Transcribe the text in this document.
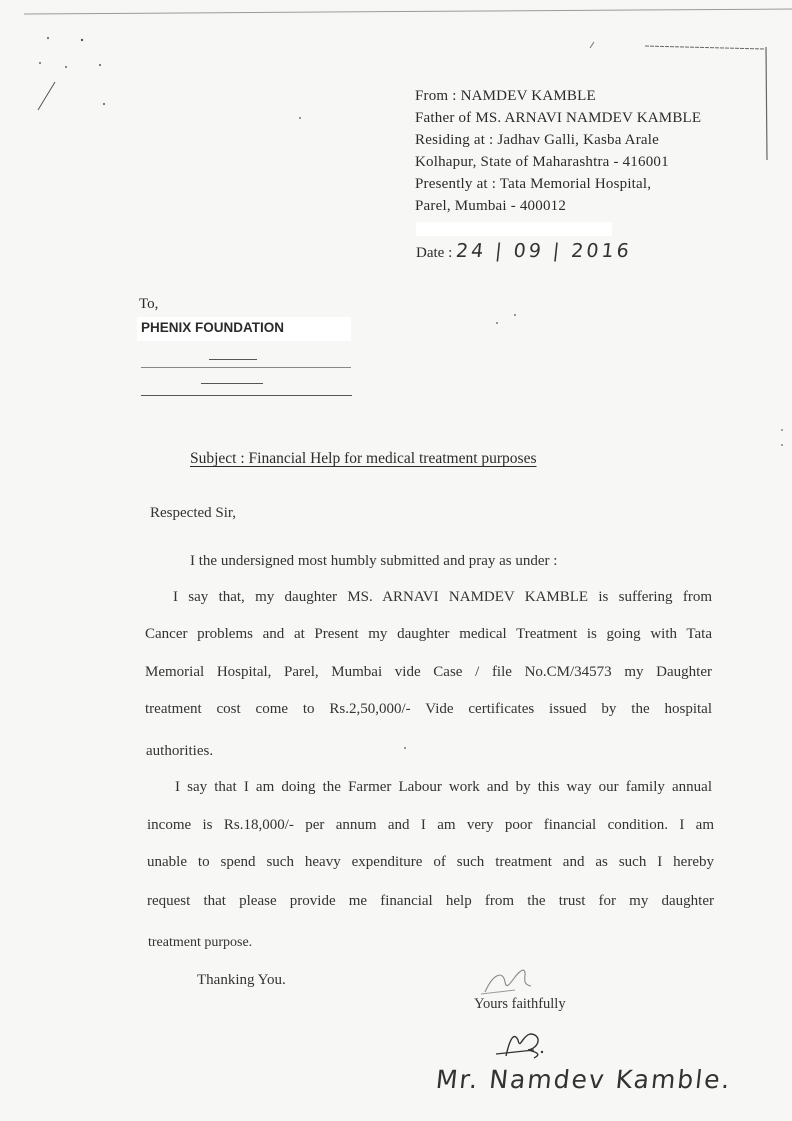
From : NAMDEV KAMBLE
Father of MS. ARNAVI NAMDEV KAMBLE
Residing at : Jadhav Galli, Kasba Arale
Kolhapur, State of Maharashtra - 416001
Presently at : Tata Memorial Hospital,
Parel, Mumbai - 400012
Date : 24 | 09 | 2016
To,
PHENIX FOUNDATION
Subject : Financial Help for medical treatment purposes
Respected Sir,
I the undersigned most humbly submitted and pray as under :
I say that, my daughter MS. ARNAVI NAMDEV KAMBLE is suffering from
Cancer problems and at Present my daughter medical Treatment is going with Tata
Memorial Hospital, Parel, Mumbai vide Case / file No.CM/34573 my Daughter
treatment cost come to Rs.2,50,000/- Vide certificates issued by the hospital
authorities.
I say that I am doing the Farmer Labour work and by this way our family annual
income is Rs.18,000/- per annum and I am very poor financial condition. I am
unable to spend such heavy expenditure of such treatment and as such I hereby
request that please provide me financial help from the trust for my daughter
treatment purpose.
Thanking You.
Yours faithfully
Mr. Namdev Kamble.
